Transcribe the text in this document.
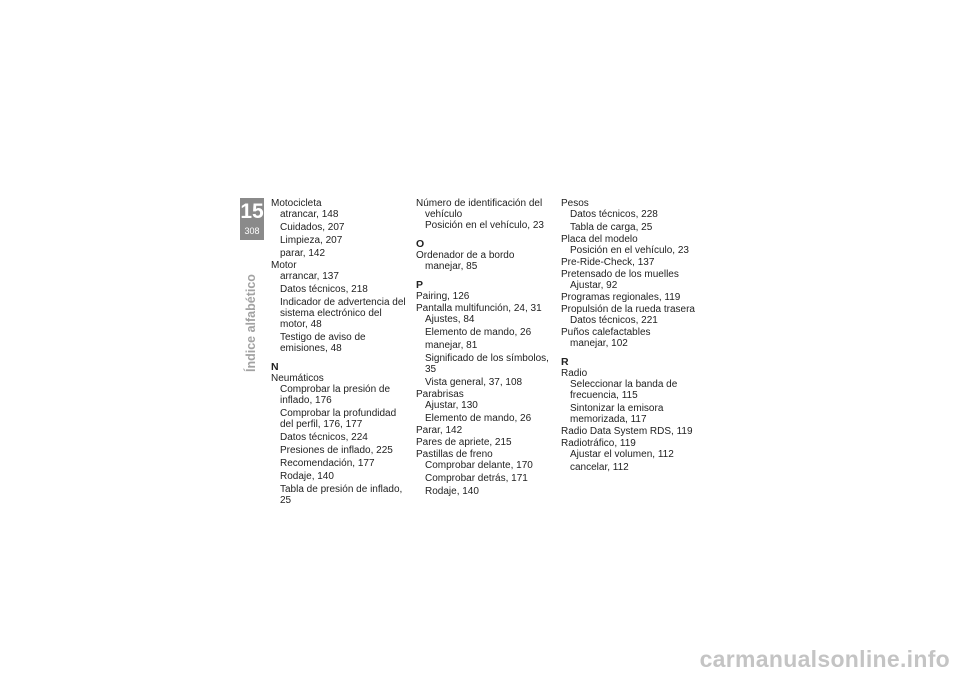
15
308
Índice alfabético
Motocicleta
atrancar, 148
Cuidados, 207
Limpieza, 207
parar, 142
Motor
arrancar, 137
Datos técnicos, 218
Indicador de advertencia del sistema electrónico del motor, 48
Testigo de aviso de emisiones, 48
N
Neumáticos
Comprobar la presión de inflado, 176
Comprobar la profundidad del perfil, 176, 177
Datos técnicos, 224
Presiones de inflado, 225
Recomendación, 177
Rodaje, 140
Tabla de presión de inflado, 25
Número de identificación del vehículo
Posición en el vehículo, 23
O
Ordenador de a bordo
manejar, 85
P
Pairing, 126
Pantalla multifunción, 24, 31
Ajustes, 84
Elemento de mando, 26
manejar, 81
Significado de los símbolos, 35
Vista general, 37, 108
Parabrisas
Ajustar, 130
Elemento de mando, 26
Parar, 142
Pares de apriete, 215
Pastillas de freno
Comprobar delante, 170
Comprobar detrás, 171
Rodaje, 140
Pesos
Datos técnicos, 228
Tabla de carga, 25
Placa del modelo
Posición en el vehículo, 23
Pre-Ride-Check, 137
Pretensado de los muelles
Ajustar, 92
Programas regionales, 119
Propulsión de la rueda trasera
Datos técnicos, 221
Puños calefactables
manejar, 102
R
Radio
Seleccionar la banda de frecuencia, 115
Sintonizar la emisora memorizada, 117
Radio Data System RDS, 119
Radiotráfico, 119
Ajustar el volumen, 112
cancelar, 112
carmanualsonline.info
